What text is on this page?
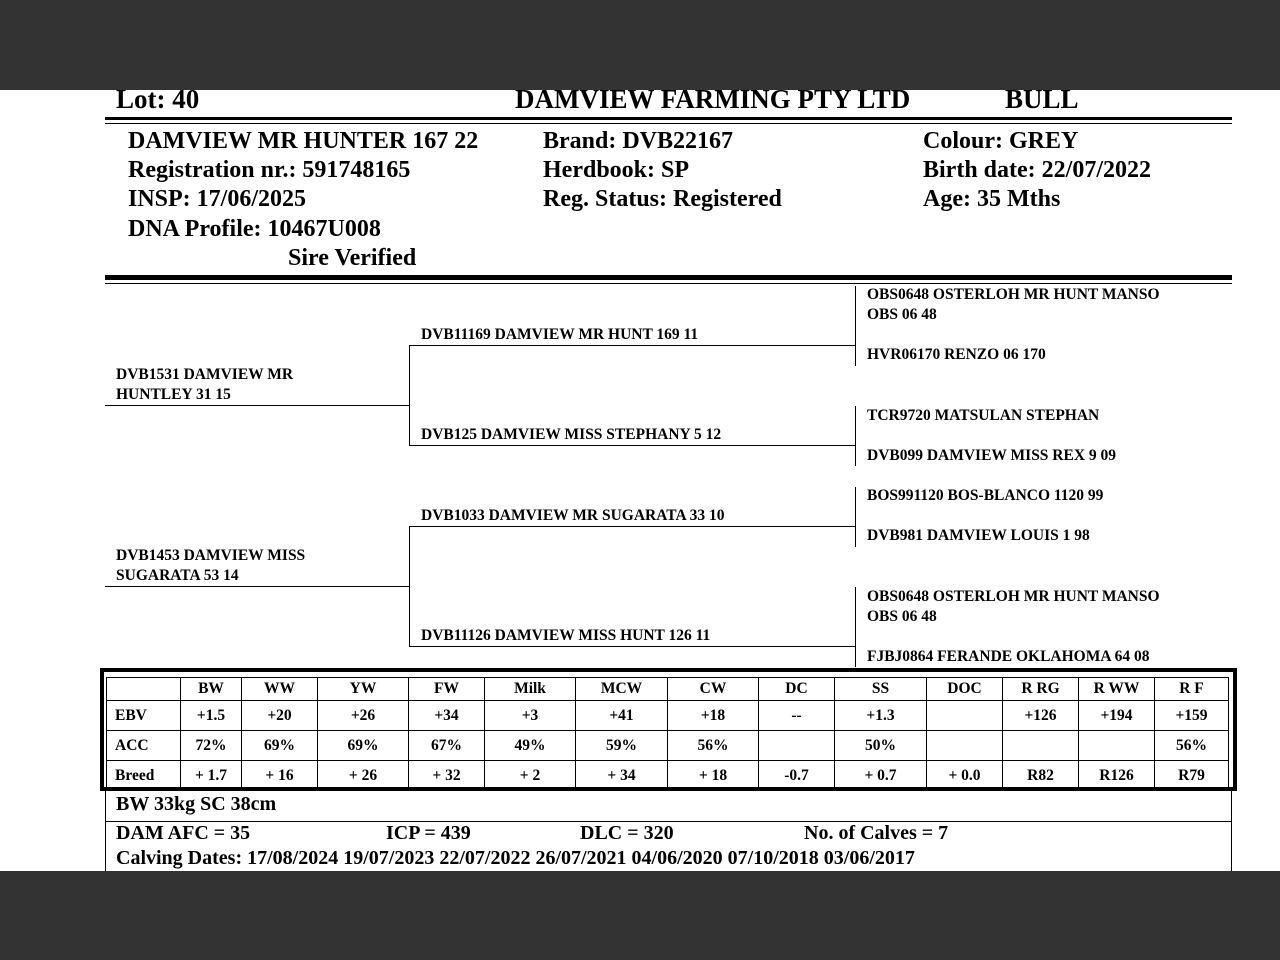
Lot: 40	DAMVIEW FARMING PTY LTD	BULL
DAMVIEW MR HUNTER 167 22
Registration nr.: 591748165
INSP: 17/06/2025
DNA Profile: 10467U008
Sire Verified
Brand: DVB22167
Herdbook: SP
Reg. Status: Registered
Colour: GREY
Birth date: 22/07/2022
Age: 35 Mths
DVB1531 DAMVIEW MR
HUNTLEY 31 15
DVB1453 DAMVIEW MISS
SUGARATA 53 14
DVB11169 DAMVIEW MR HUNT 169 11
DVB125 DAMVIEW MISS STEPHANY 5 12
DVB1033 DAMVIEW MR SUGARATA 33 10
DVB11126 DAMVIEW MISS HUNT 126 11
OBS0648 OSTERLOH MR HUNT MANSO
OBS 06 48
HVR06170 RENZO 06 170
TCR9720 MATSULAN STEPHAN
DVB099 DAMVIEW MISS REX 9 09
BOS991120 BOS-BLANCO 1120 99
DVB981 DAMVIEW LOUIS 1 98
OBS0648 OSTERLOH MR HUNT MANSO
OBS 06 48
FJBJ0864 FERANDE OKLAHOMA 64 08
	BW	WW	YW	FW	Milk	MCW	CW	DC	SS	DOC	R RG	R WW	R F
EBV	+1.5	+20	+26	+34	+3	+41	+18	--	+1.3		+126	+194	+159
ACC	72%	69%	69%	67%	49%	59%	56%		50%				56%
Breed	+ 1.7	+ 16	+ 26	+ 32	+ 2	+ 34	+ 18	-0.7	+ 0.7	+ 0.0	R82	R126	R79
BW 33kg SC 38cm
DAM AFC = 35	ICP = 439	DLC = 320	No. of Calves = 7
Calving Dates: 17/08/2024 19/07/2023 22/07/2022 26/07/2021 04/06/2020 07/10/2018 03/06/2017
